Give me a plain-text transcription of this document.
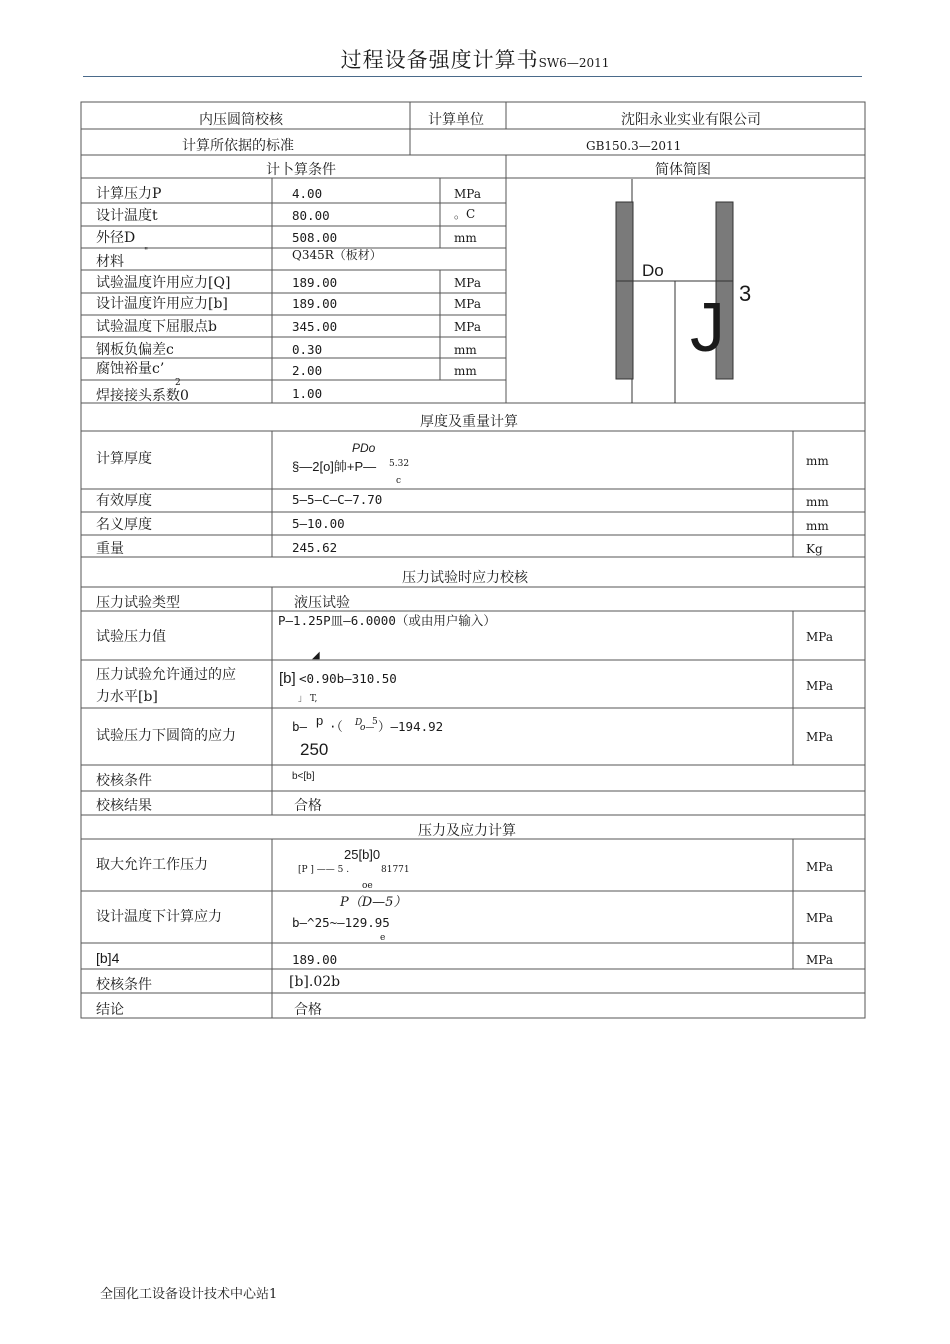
过程设备强度计算书SW6—2011
内压圆筒校核	计算单位	沈阳永业实业有限公司
计算所依据的标准	GB150.3—2011
计卜算条件	简体简图
计算压力P	4.00	MPa
设计温度t	80.00	。C
外径D	508.00	mm
"
材料	Q345R（板材）
试验温度许用应力[Q]	189.00	MPa
设计温度许用应力[b]	189.00	MPa
试验温度下屈服点b	345.00	MPa
钢板负偏差c	0.30	mm
腐蚀裕量c’	2.00	mm
2
焊接接头系数0	1.00
Do
3
J
厚度及重量计算
计算厚度
PDo
§—2[o]帥+P— 5.32
c
mm
有效厚度	5—5—C—C—7.70	mm
名义厚度	5—10.00	mm
重量	245.62	Kg
压力试验时应力校核
压力试验类型	液压试验
试验压力值
P—1.25P皿—6.0000（或由用户输入）
◢
MPa
压力试验允许通过的应
力水平[b]
[b] <0.90b—310.50
」 T,
MPa
试验压力下圆筒的应力
b— p ·（ D
o—
5 ）—194.92
250
MPa
校核条件	b<[b]
校核结果	合格
压力及应力计算
取大允许工作压力
25[b]0
[P ] —— 5 .	81771
oe
MPa
设计温度下计算应力
P（D—5）
b—^25~—129.95
e
MPa
[b]4	189.00	MPa
校核条件	[b].02b
结论	合格
全国化工设备设计技术中心站1
